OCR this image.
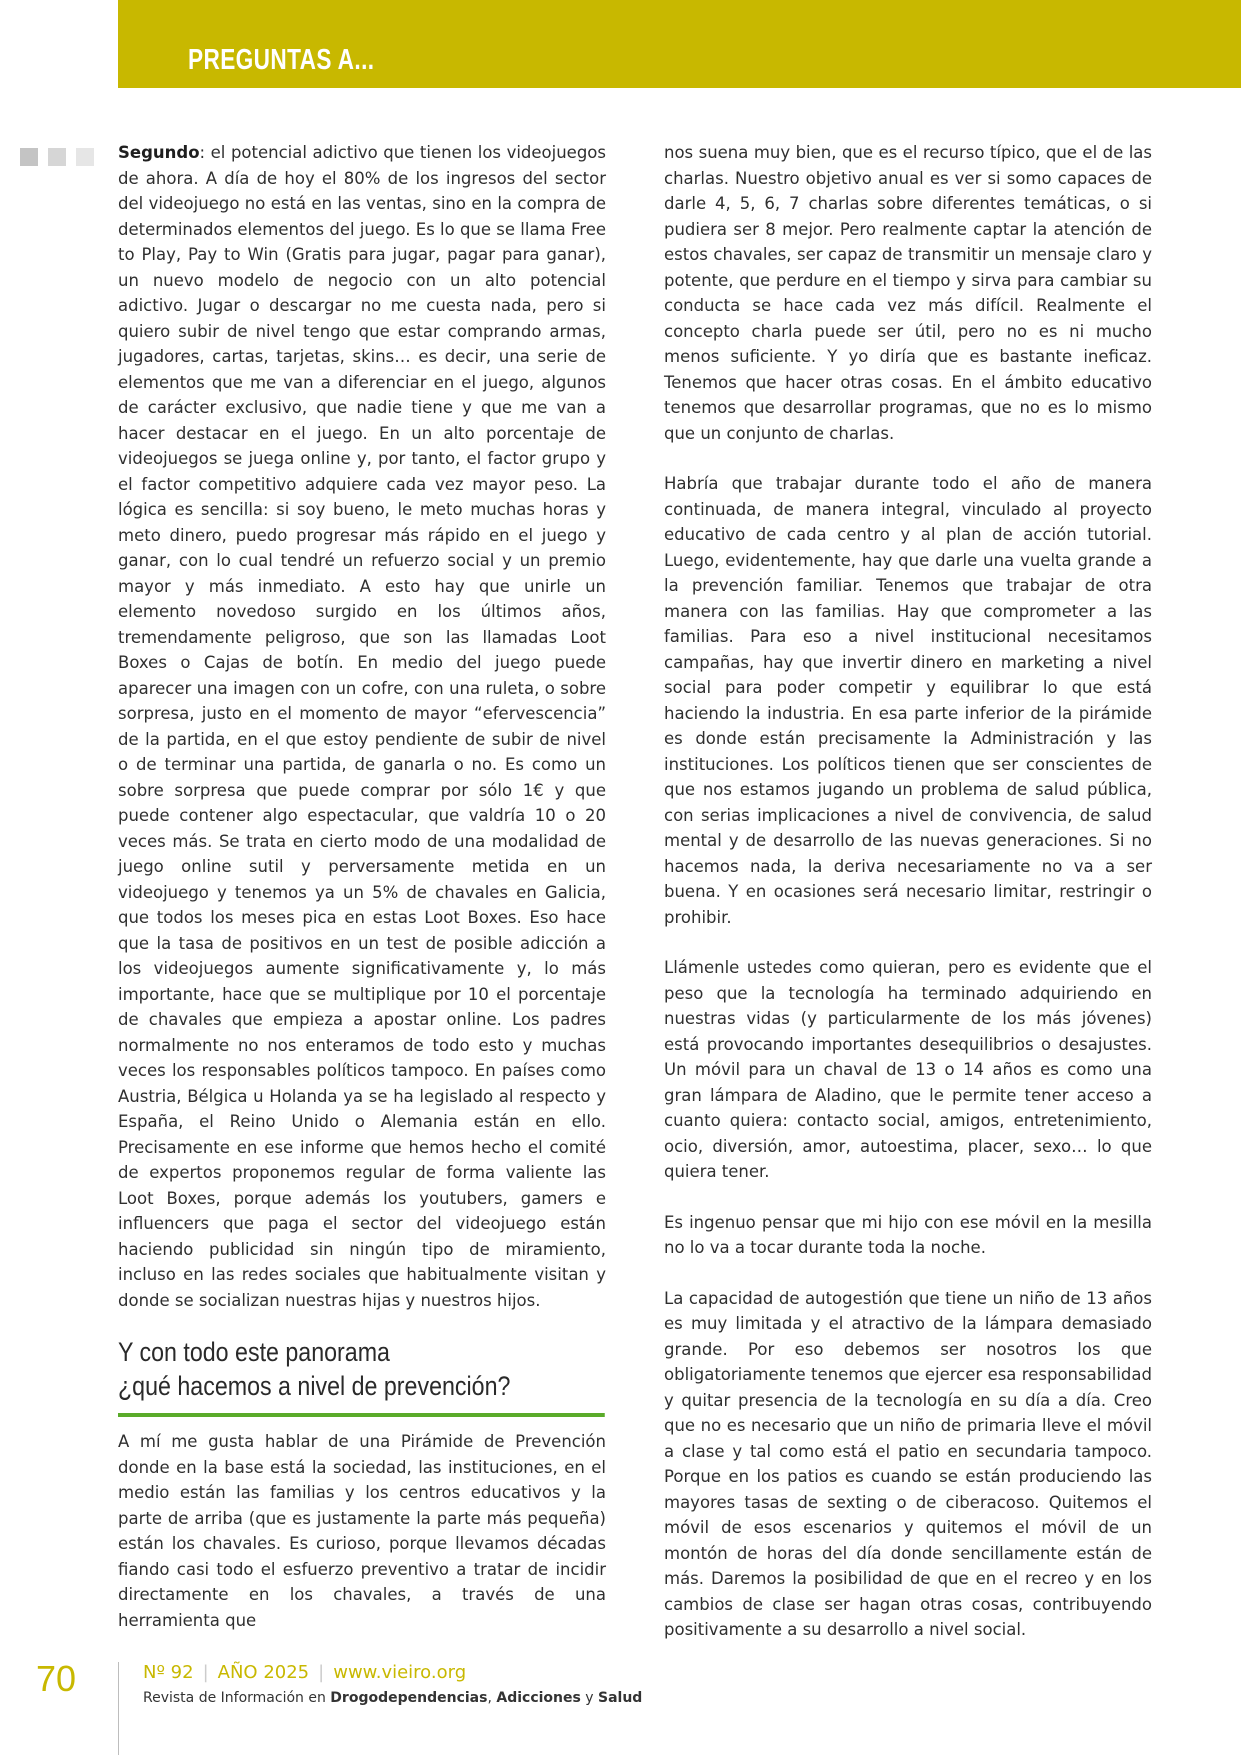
PREGUNTAS A...

Segundo: el potencial adictivo que tienen los videojuegos de ahora. A día de hoy el 80% de los ingresos del sector del videojuego no está en las ventas, sino en la compra de determinados elementos del juego. Es lo que se llama Free to Play, Pay to Win (Gratis para jugar, pagar para ganar), un nuevo modelo de negocio con un alto potencial adictivo. Jugar o descargar no me cuesta nada, pero si quiero subir de nivel tengo que estar comprando armas, jugadores, cartas, tarjetas, skins… es decir, una serie de elementos que me van a diferenciar en el juego, algunos de carácter exclusivo, que nadie tiene y que me van a hacer destacar en el juego. En un alto porcentaje de videojuegos se juega online y, por tanto, el factor grupo y el factor competitivo adquiere cada vez mayor peso. La lógica es sencilla: si soy bueno, le meto muchas horas y meto dinero, puedo progresar más rápido en el juego y ganar, con lo cual tendré un refuerzo social y un premio mayor y más inmediato. A esto hay que unirle un elemento novedoso surgido en los últimos años, tremendamente peligroso, que son las llamadas Loot Boxes o Cajas de botín. En medio del juego puede aparecer una imagen con un cofre, con una ruleta, o sobre sorpresa, justo en el momento de mayor “efervescencia” de la partida, en el que estoy pendiente de subir de nivel o de terminar una partida, de ganarla o no. Es como un sobre sorpresa que puede comprar por sólo 1€ y que puede contener algo espectacular, que valdría 10 o 20 veces más. Se trata en cierto modo de una modalidad de juego online sutil y perversamente metida en un videojuego y tenemos ya un 5% de chavales en Galicia, que todos los meses pica en estas Loot Boxes. Eso hace que la tasa de positivos en un test de posible adicción a los videojuegos aumente significativamente y, lo más importante, hace que se multiplique por 10 el porcentaje de chavales que empieza a apostar online. Los padres normalmente no nos enteramos de todo esto y muchas veces los responsables políticos tampoco. En países como Austria, Bélgica u Holanda ya se ha legislado al respecto y España, el Reino Unido o Alemania están en ello. Precisamente en ese informe que hemos hecho el comité de expertos proponemos regular de forma valiente las Loot Boxes, porque además los youtubers, gamers e influencers que paga el sector del videojuego están haciendo publicidad sin ningún tipo de miramiento, incluso en las redes sociales que habitualmente visitan y donde se socializan nuestras hijas y nuestros hijos.

Y con todo este panorama
¿qué hacemos a nivel de prevención?

A mí me gusta hablar de una Pirámide de Prevención donde en la base está la sociedad, las instituciones, en el medio están las familias y los centros educativos y la parte de arriba (que es justamente la parte más pequeña) están los chavales. Es curioso, porque llevamos décadas fiando casi todo el esfuerzo preventivo a tratar de incidir directamente en los chavales, a través de una herramienta que

nos suena muy bien, que es el recurso típico, que el de las charlas. Nuestro objetivo anual es ver si somo capaces de darle 4, 5, 6, 7 charlas sobre diferentes temáticas, o si pudiera ser 8 mejor. Pero realmente captar la atención de estos chavales, ser capaz de transmitir un mensaje claro y potente, que perdure en el tiempo y sirva para cambiar su conducta se hace cada vez más difícil. Realmente el concepto charla puede ser útil, pero no es ni mucho menos suficiente. Y yo diría que es bastante ineficaz. Tenemos que hacer otras cosas. En el ámbito educativo tenemos que desarrollar programas, que no es lo mismo que un conjunto de charlas.

Habría que trabajar durante todo el año de manera continuada, de manera integral, vinculado al proyecto educativo de cada centro y al plan de acción tutorial. Luego, evidentemente, hay que darle una vuelta grande a la prevención familiar. Tenemos que trabajar de otra manera con las familias. Hay que comprometer a las familias. Para eso a nivel institucional necesitamos campañas, hay que invertir dinero en marketing a nivel social para poder competir y equilibrar lo que está haciendo la industria. En esa parte inferior de la pirámide es donde están precisamente la Administración y las instituciones. Los políticos tienen que ser conscientes de que nos estamos jugando un problema de salud pública, con serias implicaciones a nivel de convivencia, de salud mental y de desarrollo de las nuevas generaciones. Si no hacemos nada, la deriva necesariamente no va a ser buena. Y en ocasiones será necesario limitar, restringir o prohibir.

Llámenle ustedes como quieran, pero es evidente que el peso que la tecnología ha terminado adquiriendo en nuestras vidas (y particularmente de los más jóvenes) está provocando importantes desequilibrios o desajustes. Un móvil para un chaval de 13 o 14 años es como una gran lámpara de Aladino, que le permite tener acceso a cuanto quiera: contacto social, amigos, entretenimiento, ocio, diversión, amor, autoestima, placer, sexo… lo que quiera tener.

Es ingenuo pensar que mi hijo con ese móvil en la mesilla no lo va a tocar durante toda la noche.

La capacidad de autogestión que tiene un niño de 13 años es muy limitada y el atractivo de la lámpara demasiado grande. Por eso debemos ser nosotros los que obligatoriamente tenemos que ejercer esa responsabilidad y quitar presencia de la tecnología en su día a día. Creo que no es necesario que un niño de primaria lleve el móvil a clase y tal como está el patio en secundaria tampoco. Porque en los patios es cuando se están produciendo las mayores tasas de sexting o de ciberacoso. Quitemos el móvil de esos escenarios y quitemos el móvil de un montón de horas del día donde sencillamente están de más. Daremos la posibilidad de que en el recreo y en los cambios de clase ser hagan otras cosas, contribuyendo positivamente a su desarrollo a nivel social.

70	Nº 92 | AÑO 2025 | www.vieiro.org
Revista de Información en Drogodependencias, Adicciones y Salud
